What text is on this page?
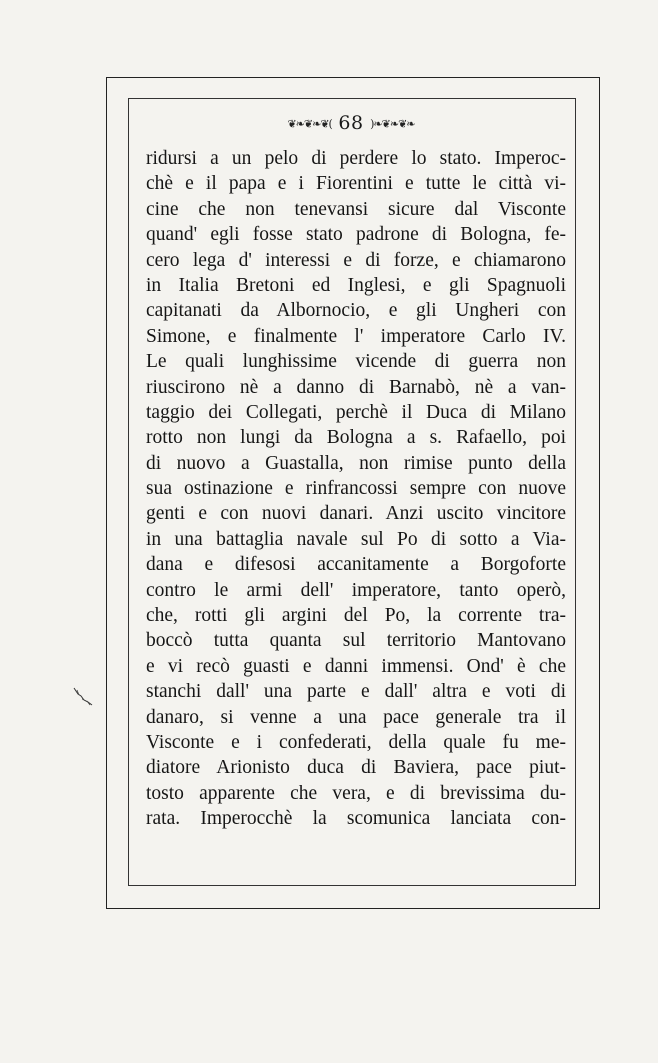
❦❧❦❧❦( 68 )❧❦❧❦❧
ridursi a un pelo di perdere lo stato. Imperoc-
chè e il papa e i Fiorentini e tutte le città vi-
cine che non tenevansi sicure dal Visconte
quand' egli fosse stato padrone di Bologna, fe-
cero lega d' interessi e di forze, e chiamarono
in Italia Bretoni ed Inglesi, e gli Spagnuoli
capitanati da Albornocio, e gli Ungheri con
Simone, e finalmente l' imperatore Carlo IV.
Le quali lunghissime vicende di guerra non
riuscirono nè a danno di Barnabò, nè a van-
taggio dei Collegati, perchè il Duca di Milano
rotto non lungi da Bologna a s. Rafaello, poi
di nuovo a Guastalla, non rimise punto della
sua ostinazione e rinfrancossi sempre con nuove
genti e con nuovi danari. Anzi uscito vincitore
in una battaglia navale sul Po di sotto a Via-
dana e difesosi accanitamente a Borgoforte
contro le armi dell' imperatore, tanto operò,
che, rotti gli argini del Po, la corrente tra-
boccò tutta quanta sul territorio Mantovano
e vi recò guasti e danni immensi. Ond' è che
stanchi dall' una parte e dall' altra e voti di
danaro, si venne a una pace generale tra il
Visconte e i confederati, della quale fu me-
diatore Arionisto duca di Baviera, pace piut-
tosto apparente che vera, e di brevissima du-
rata. Imperocchè la scomunica lanciata con-
